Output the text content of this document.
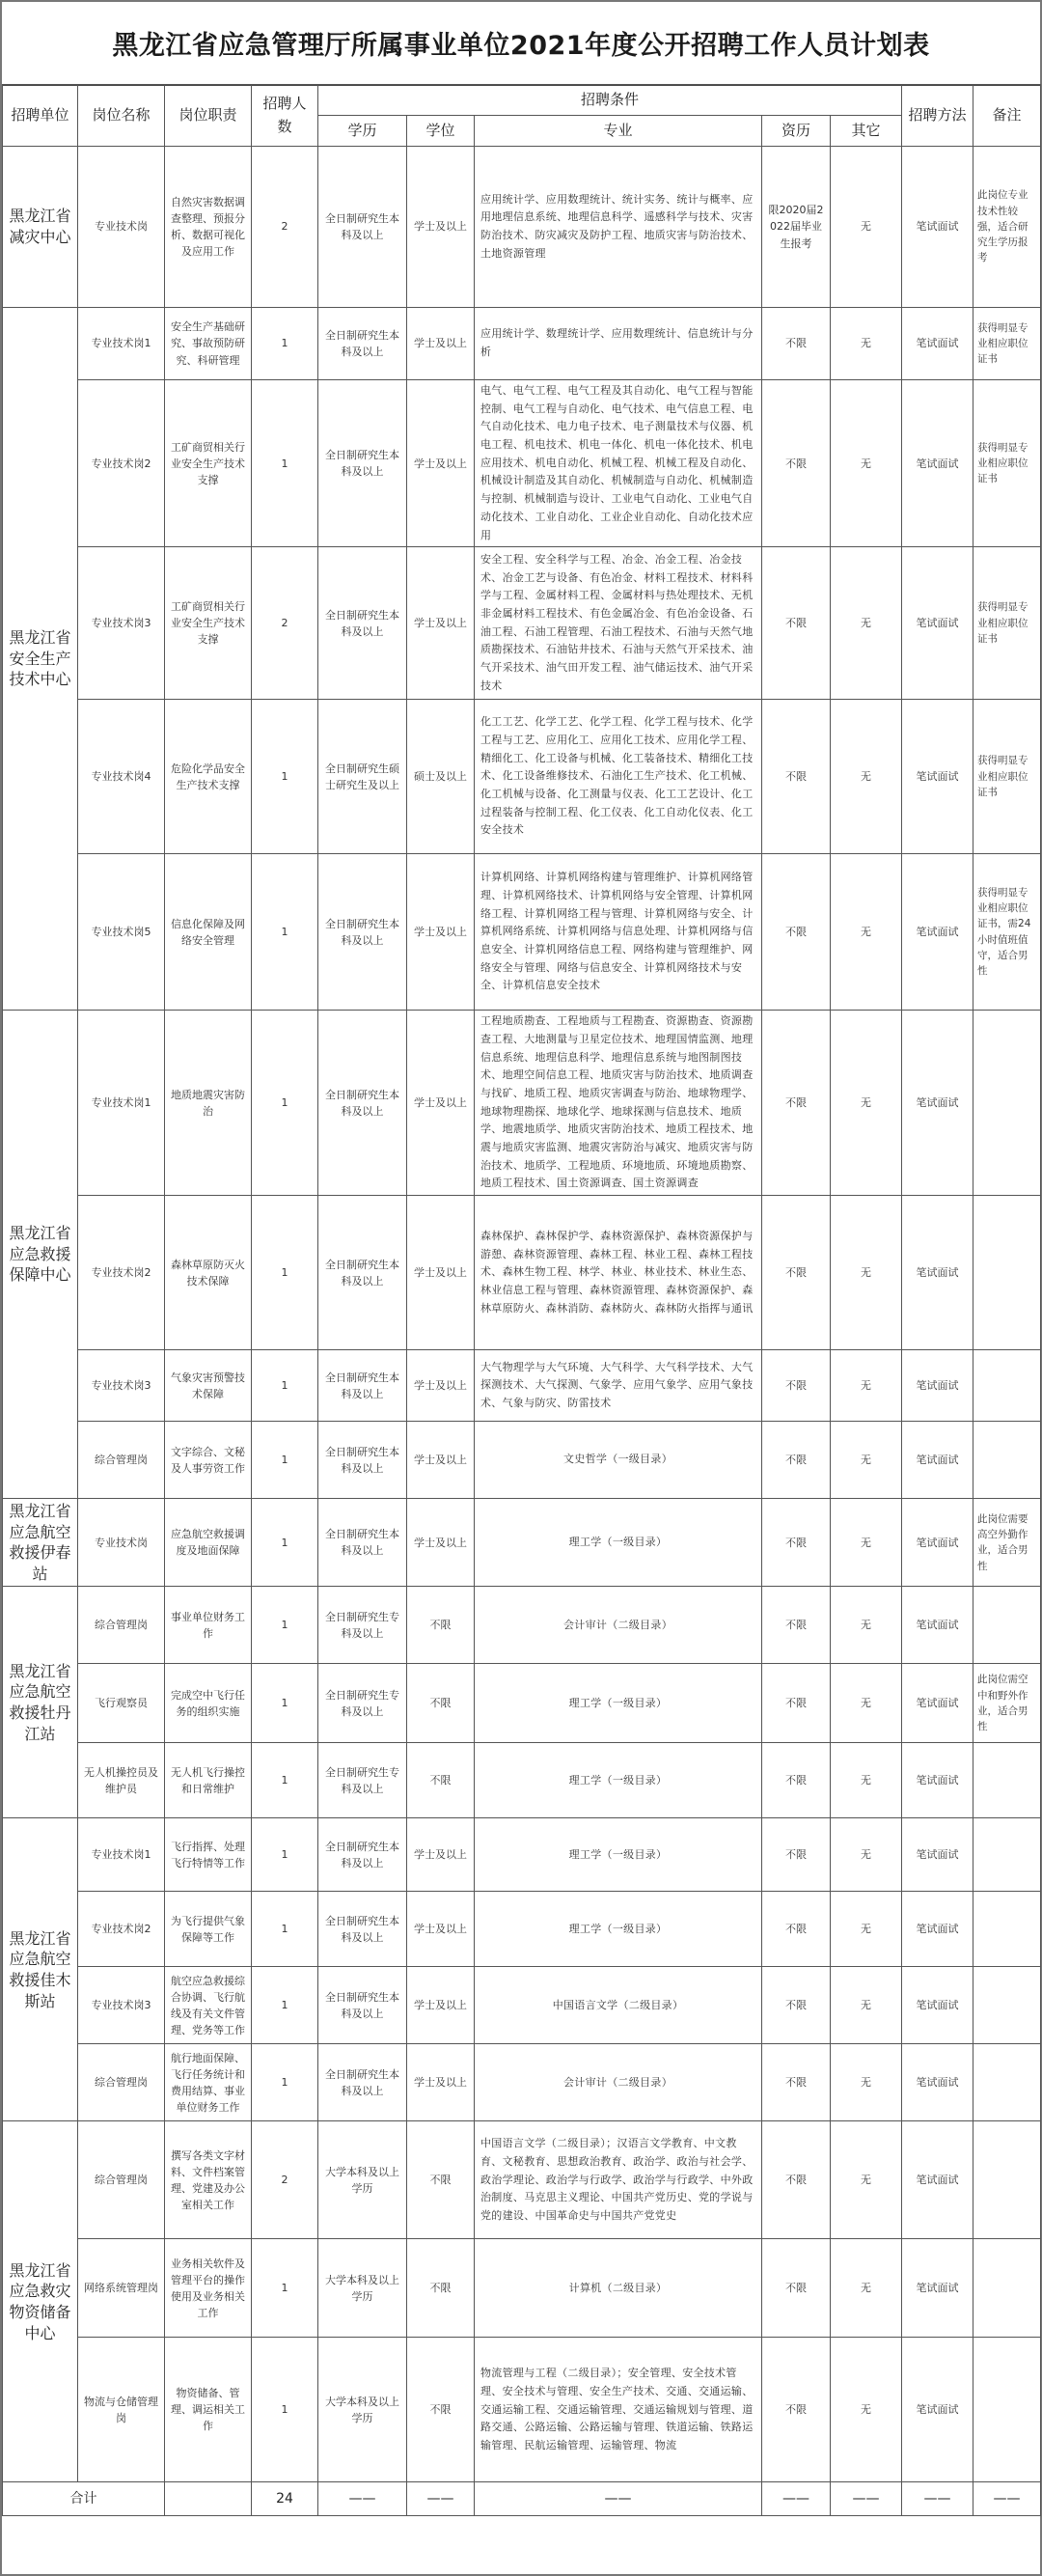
黑龙江省应急管理厅所属事业单位2021年度公开招聘工作人员计划表
招聘单位	岗位名称	岗位职责	招聘人数	招聘条件					招聘方法	备注
				学历	学位	专业	资历	其它		
黑龙江省减灾中心	专业技术岗	自然灾害数据调查整理、预报分析、数据可视化及应用工作	2	全日制研究生本科及以上	学士及以上	应用统计学、应用数理统计、统计实务、统计与概率、应用地理信息系统、地理信息科学、遥感科学与技术、灾害防治技术、防灾减灾及防护工程、地质灾害与防治技术、土地资源管理	限2020届2022届毕业生报考	无	笔试面试	此岗位专业技术性较强，适合研究生学历报考
黑龙江省安全生产技术中心	专业技术岗1	安全生产基础研究、事故预防研究、科研管理	1	全日制研究生本科及以上	学士及以上	应用统计学、数理统计学、应用数理统计、信息统计与分析	不限	无	笔试面试	获得明显专业相应职位证书
	专业技术岗2	工矿商贸相关行业安全生产技术支撑	1	全日制研究生本科及以上	学士及以上	电气、电气工程、电气工程及其自动化、电气工程与智能控制、电气工程与自动化、电气技术、电气信息工程、电气自动化技术、电力电子技术、电子测量技术与仪器、机电工程、机电技术、机电一体化、机电一体化技术、机电应用技术、机电自动化、机械工程、机械工程及自动化、机械设计制造及其自动化、机械制造与自动化、机械制造与控制、机械制造与设计、工业电气自动化、工业电气自动化技术、工业自动化、工业企业自动化、自动化技术应用	不限	无	笔试面试	获得明显专业相应职位证书
	专业技术岗3	工矿商贸相关行业安全生产技术支撑	2	全日制研究生本科及以上	学士及以上	安全工程、安全科学与工程、冶金、冶金工程、冶金技术、冶金工艺与设备、有色冶金、材料工程技术、材料科学与工程、金属材料工程、金属材料与热处理技术、无机非金属材料工程技术、有色金属冶金、有色冶金设备、石油工程、石油工程管理、石油工程技术、石油与天然气地质勘探技术、石油钻井技术、石油与天然气开采技术、油气开采技术、油气田开发工程、油气储运技术、油气开采技术	不限	无	笔试面试	获得明显专业相应职位证书
	专业技术岗4	危险化学品安全生产技术支撑	1	全日制研究生硕士研究生及以上	硕士及以上	化工工艺、化学工艺、化学工程、化学工程与技术、化学工程与工艺、应用化工、应用化工技术、应用化学工程、精细化工、化工设备与机械、化工装备技术、精细化工技术、化工设备维修技术、石油化工生产技术、化工机械、化工机械与设备、化工测量与仪表、化工工艺设计、化工过程装备与控制工程、化工仪表、化工自动化仪表、化工安全技术	不限	无	笔试面试	获得明显专业相应职位证书
	专业技术岗5	信息化保障及网络安全管理	1	全日制研究生本科及以上	学士及以上	计算机网络、计算机网络构建与管理维护、计算机网络管理、计算机网络技术、计算机网络与安全管理、计算机网络工程、计算机网络工程与管理、计算机网络与安全、计算机网络系统、计算机网络与信息处理、计算机网络与信息安全、计算机网络信息工程、网络构建与管理维护、网络安全与管理、网络与信息安全、计算机网络技术与安全、计算机信息安全技术	不限	无	笔试面试	获得明显专业相应职位证书，需24小时值班值守，适合男性
黑龙江省应急救援保障中心	专业技术岗1	地质地震灾害防治	1	全日制研究生本科及以上	学士及以上	工程地质勘查、工程地质与工程勘查、资源勘查、资源勘查工程、大地测量与卫星定位技术、地理国情监测、地理信息系统、地理信息科学、地理信息系统与地图制图技术、地理空间信息工程、地质灾害与防治技术、地质调查与找矿、地质工程、地质灾害调查与防治、地球物理学、地球物理勘探、地球化学、地球探测与信息技术、地质学、地震地质学、地质灾害防治技术、地质工程技术、地震与地质灾害监测、地震灾害防治与减灾、地质灾害与防治技术、地质学、工程地质、环境地质、环境地质勘察、地质工程技术、国土资源调查、国土资源调查	不限	无	笔试面试	
	专业技术岗2	森林草原防灭火技术保障	1	全日制研究生本科及以上	学士及以上	森林保护、森林保护学、森林资源保护、森林资源保护与游憩、森林资源管理、森林工程、林业工程、森林工程技术、森林生物工程、林学、林业、林业技术、林业生态、林业信息工程与管理、森林资源管理、森林资源保护、森林草原防火、森林消防、森林防火、森林防火指挥与通讯	不限	无	笔试面试	
	专业技术岗3	气象灾害预警技术保障	1	全日制研究生本科及以上	学士及以上	大气物理学与大气环境、大气科学、大气科学技术、大气探测技术、大气探测、气象学、应用气象学、应用气象技术、气象与防灾、防雷技术	不限	无	笔试面试	
	综合管理岗	文字综合、文秘及人事劳资工作	1	全日制研究生本科及以上	学士及以上	文史哲学（一级目录）	不限	无	笔试面试	
黑龙江省应急航空救援伊春站	专业技术岗	应急航空救援调度及地面保障	1	全日制研究生本科及以上	学士及以上	理工学（一级目录）	不限	无	笔试面试	此岗位需要高空外勤作业，适合男性
黑龙江省应急航空救援牡丹江站	综合管理岗	事业单位财务工作	1	全日制研究生专科及以上	不限	会计审计（二级目录）	不限	无	笔试面试	
	飞行观察员	完成空中飞行任务的组织实施	1	全日制研究生专科及以上	不限	理工学（一级目录）	不限	无	笔试面试	此岗位需空中和野外作业，适合男性
	无人机操控员及维护员	无人机飞行操控和日常维护	1	全日制研究生专科及以上	不限	理工学（一级目录）	不限	无	笔试面试	
黑龙江省应急航空救援佳木斯站	专业技术岗1	飞行指挥、处理飞行特情等工作	1	全日制研究生本科及以上	学士及以上	理工学（一级目录）	不限	无	笔试面试	
	专业技术岗2	为飞行提供气象保障等工作	1	全日制研究生本科及以上	学士及以上	理工学（一级目录）	不限	无	笔试面试	
	专业技术岗3	航空应急救援综合协调、飞行航线及有关文件管理、党务等工作	1	全日制研究生本科及以上	学士及以上	中国语言文学（二级目录）	不限	无	笔试面试	
	综合管理岗	航行地面保障、飞行任务统计和费用结算、事业单位财务工作	1	全日制研究生本科及以上	学士及以上	会计审计（二级目录）	不限	无	笔试面试	
黑龙江省应急救灾物资储备中心	综合管理岗	撰写各类文字材料、文件档案管理、党建及办公室相关工作	2	大学本科及以上学历	不限	中国语言文学（二级目录）；汉语言文学教育、中文教育、文秘教育、思想政治教育、政治学、政治与社会学、政治学理论、政治学与行政学、政治学与行政学、中外政治制度、马克思主义理论、中国共产党历史、党的学说与党的建设、中国革命史与中国共产党党史	不限	无	笔试面试	
	网络系统管理岗	业务相关软件及管理平台的操作使用及业务相关工作	1	大学本科及以上学历	不限	计算机（二级目录）	不限	无	笔试面试	
	物流与仓储管理岗	物资储备、管理、调运相关工作	1	大学本科及以上学历	不限	物流管理与工程（二级目录）；安全管理、安全技术管理、安全技术与管理、安全生产技术、交通、交通运输、交通运输工程、交通运输管理、交通运输规划与管理、道路交通、公路运输、公路运输与管理、铁道运输、铁路运输管理、民航运输管理、运输管理、物流	不限	无	笔试面试	
合计			24	——	——	——	——	——	——	——
